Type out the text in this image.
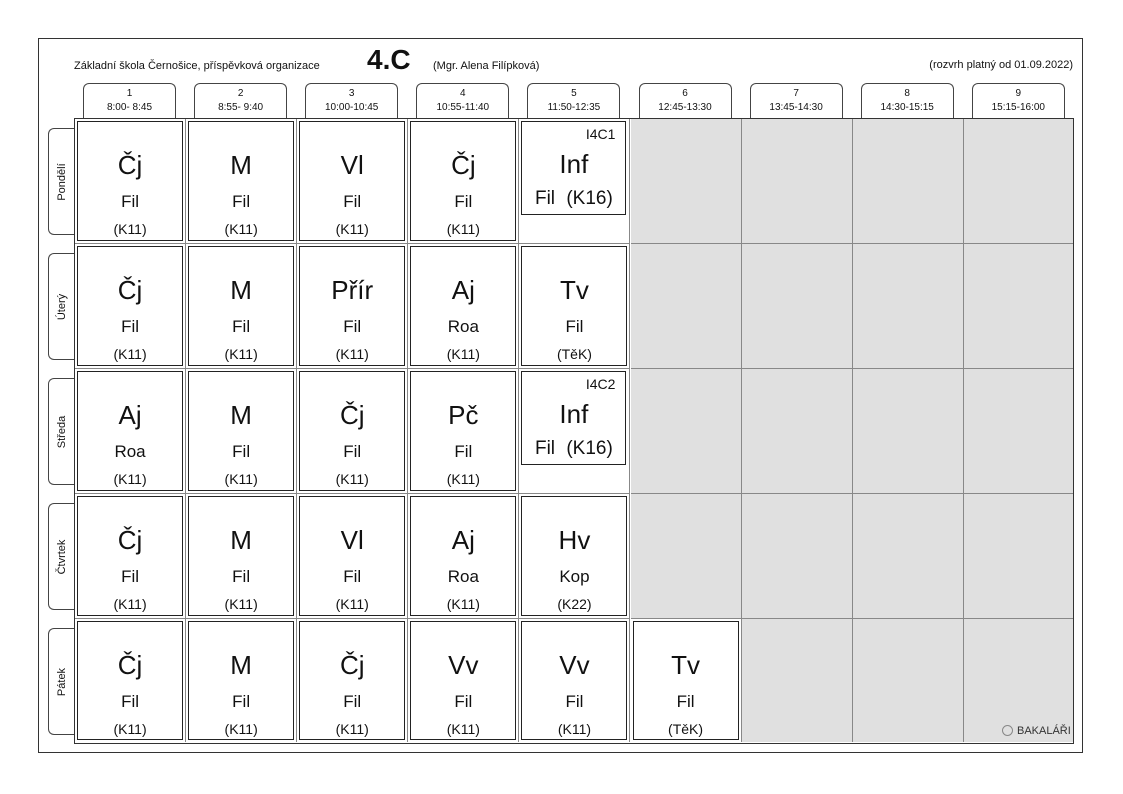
Základní škola Černošice, příspěvková organizace 4.C (Mgr. Alena Filípková)	(rozvrh platný od 01.09.2022)
1
8:00- 8:45
2
8:55- 9:40
3
10:00-10:45
4
10:55-11:40
5
11:50-12:35
6
12:45-13:30
7
13:45-14:30
8
14:30-15:15
9
15:15-16:00
Pondělí
Úterý
Středa
Čtvrtek
Pátek
Čj
Fil
(K11)
M
Fil
(K11)
Vl
Fil
(K11)
Čj
Fil
(K11)
I4C1
Inf
Fil (K16)
Čj
Fil
(K11)
M
Fil
(K11)
Přír
Fil
(K11)
Aj
Roa
(K11)
Tv
Fil
(TěK)
Aj
Roa
(K11)
M
Fil
(K11)
Čj
Fil
(K11)
Pč
Fil
(K11)
I4C2
Inf
Fil (K16)
Čj
Fil
(K11)
M
Fil
(K11)
Vl
Fil
(K11)
Aj
Roa
(K11)
Hv
Kop
(K22)
Čj
Fil
(K11)
M
Fil
(K11)
Čj
Fil
(K11)
Vv
Fil
(K11)
Vv
Fil
(K11)
Tv
Fil
(TěK)	BAKALÁŘI
